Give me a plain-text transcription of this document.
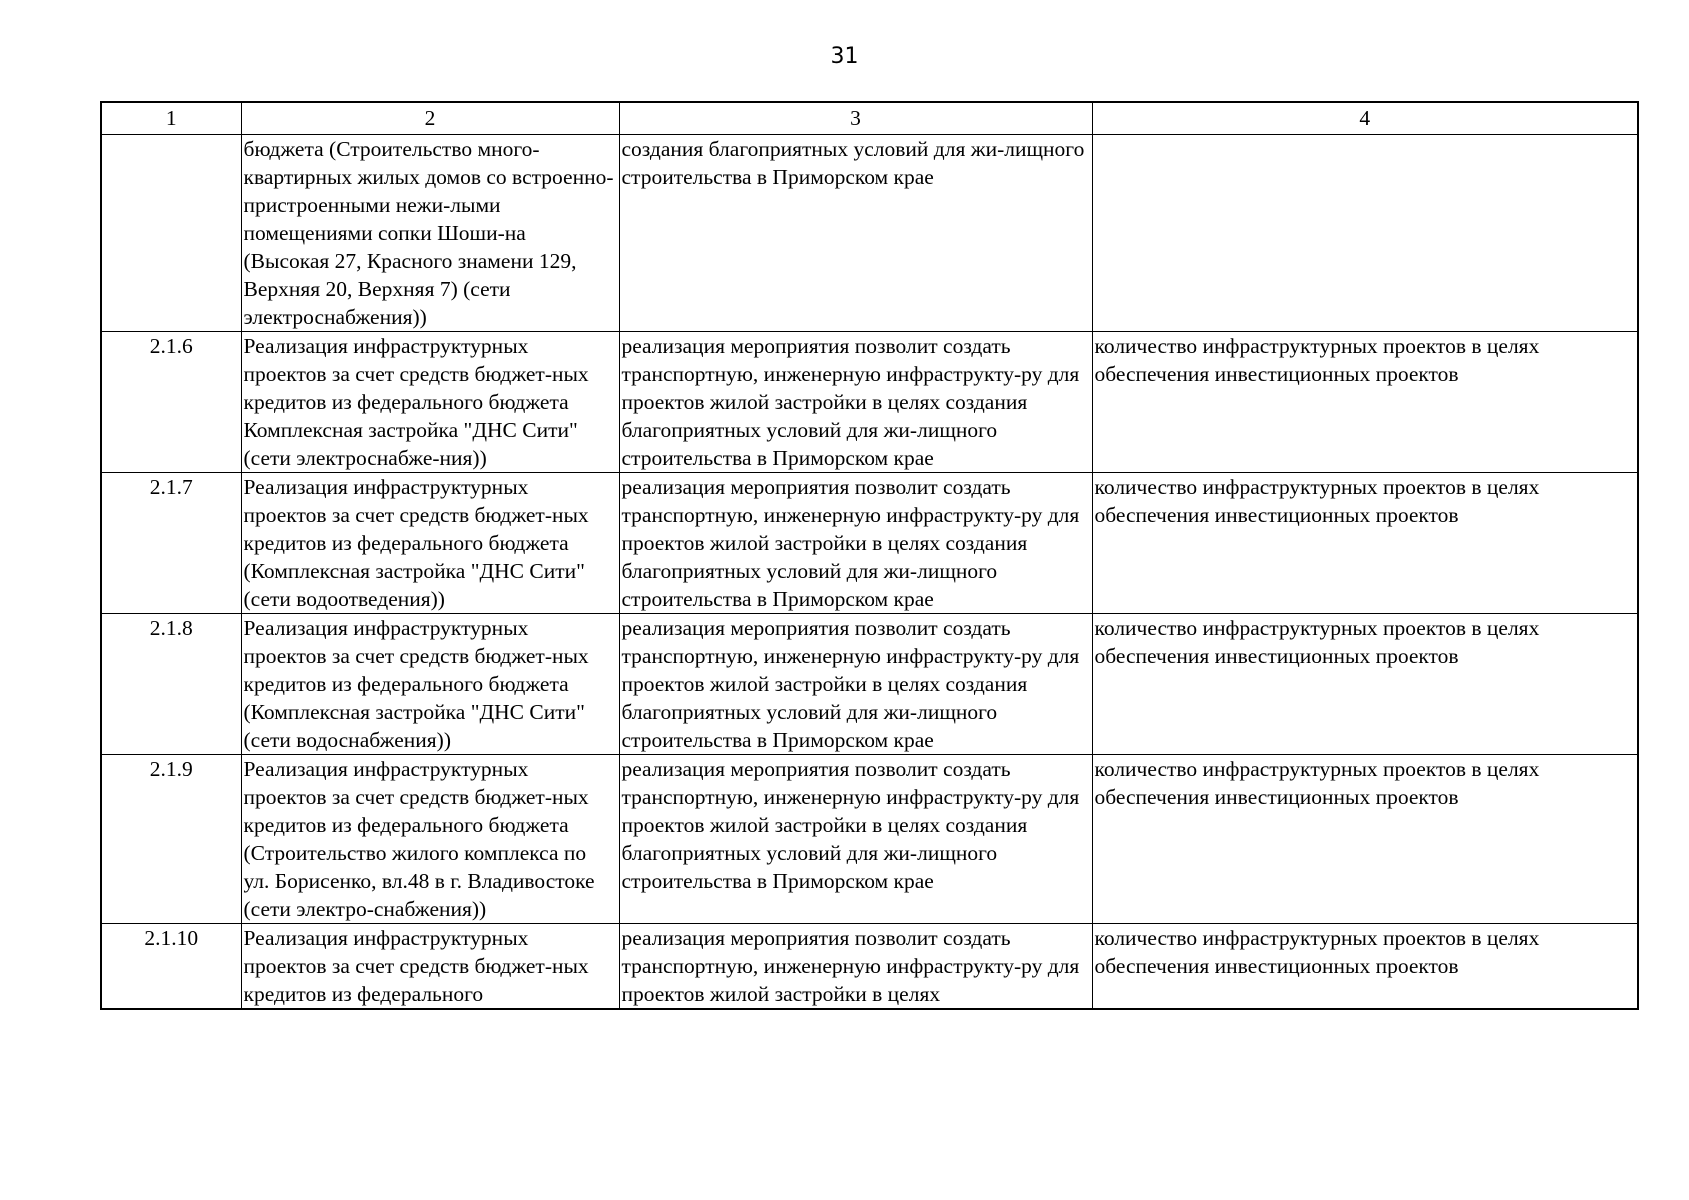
31
1	2	3	4
	бюджета (Строительство много-квартирных жилых домов со встроенно-пристроенными нежи-лыми помещениями сопки Шоши-на (Высокая 27, Красного знамени 129, Верхняя 20, Верхняя 7) (сети электроснабжения))	создания благоприятных условий для жи-лищного строительства в Приморском крае	
2.1.6	Реализация инфраструктурных проектов за счет средств бюджет-ных кредитов из федерального бюджета Комплексная застройка "ДНС Сити" (сети электроснабже-ния))	реализация мероприятия позволит создать транспортную, инженерную инфраструкту-ру для проектов жилой застройки в целях создания благоприятных условий для жи-лищного строительства в Приморском крае	количество инфраструктурных проектов в целях обеспечения инвестиционных проектов
2.1.7	Реализация инфраструктурных проектов за счет средств бюджет-ных кредитов из федерального бюджета (Комплексная застройка "ДНС Сити" (сети водоотведения))	реализация мероприятия позволит создать транспортную, инженерную инфраструкту-ру для проектов жилой застройки в целях создания благоприятных условий для жи-лищного строительства в Приморском крае	количество инфраструктурных проектов в целях обеспечения инвестиционных проектов
2.1.8	Реализация инфраструктурных проектов за счет средств бюджет-ных кредитов из федерального бюджета (Комплексная застройка "ДНС Сити" (сети водоснабжения))	реализация мероприятия позволит создать транспортную, инженерную инфраструкту-ру для проектов жилой застройки в целях создания благоприятных условий для жи-лищного строительства в Приморском крае	количество инфраструктурных проектов в целях обеспечения инвестиционных проектов
2.1.9	Реализация инфраструктурных проектов за счет средств бюджет-ных кредитов из федерального бюджета (Строительство жилого комплекса по ул. Борисенко, вл.48 в г. Владивостоке (сети электро-снабжения))	реализация мероприятия позволит создать транспортную, инженерную инфраструкту-ру для проектов жилой застройки в целях создания благоприятных условий для жи-лищного строительства в Приморском крае	количество инфраструктурных проектов в целях обеспечения инвестиционных проектов
2.1.10	Реализация инфраструктурных проектов за счет средств бюджет-ных кредитов из федерального	реализация мероприятия позволит создать транспортную, инженерную инфраструкту-ру для проектов жилой застройки в целях	количество инфраструктурных проектов в целях обеспечения инвестиционных проектов
